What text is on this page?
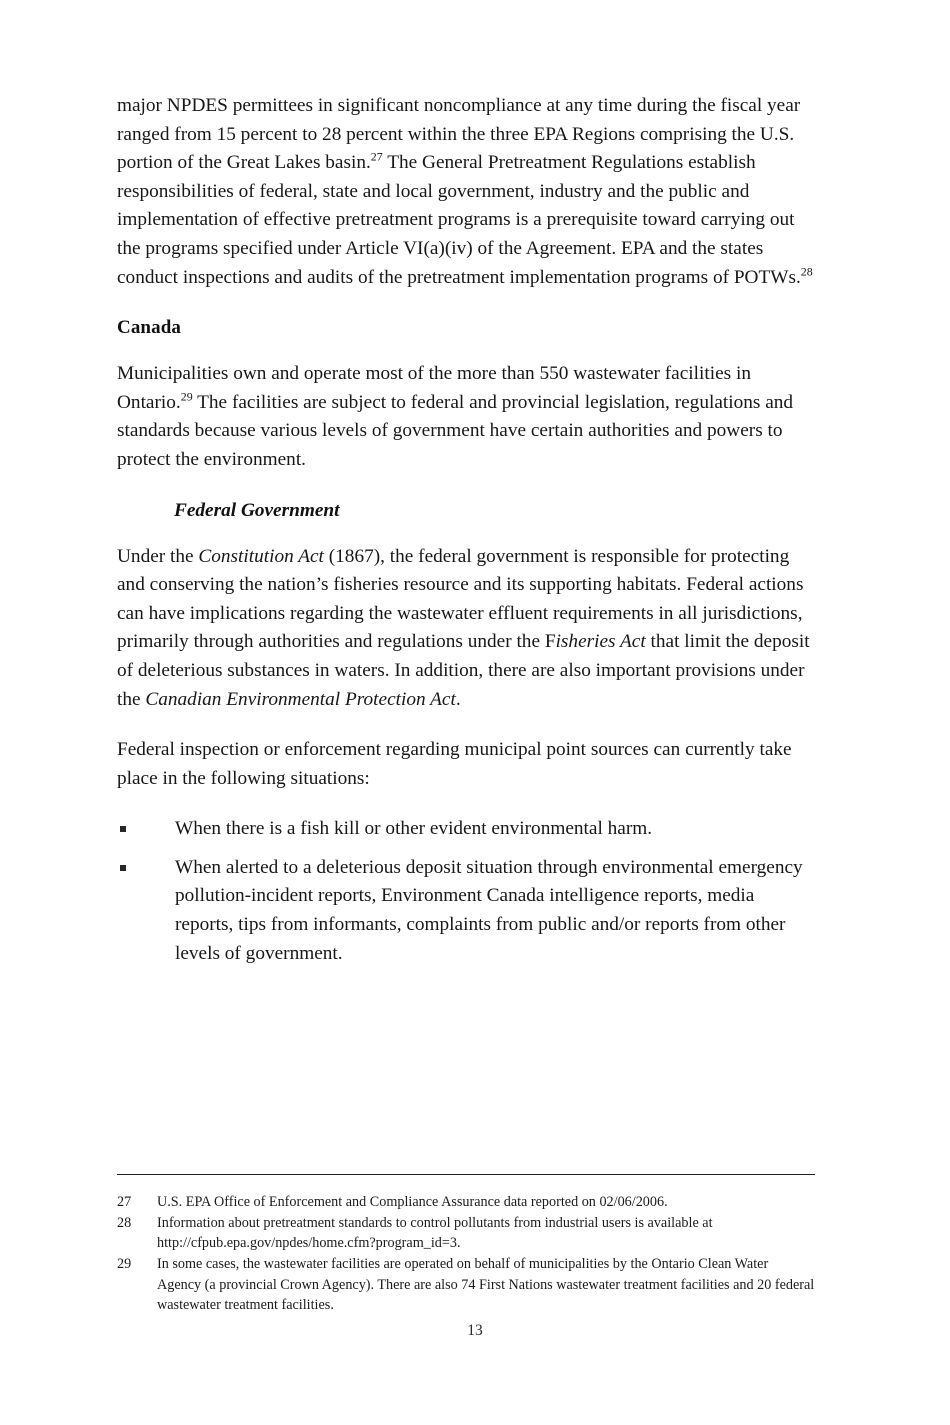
major NPDES permittees in significant noncompliance at any time during the fiscal year ranged from 15 percent to 28 percent within the three EPA Regions comprising the U.S. portion of the Great Lakes basin.$^{27}$ The General Pretreatment Regulations establish responsibilities of federal, state and local government, industry and the public and implementation of effective pretreatment programs is a prerequisite toward carrying out the programs specified under Article VI(a)(iv) of the Agreement. EPA and the states conduct inspections and audits of the pretreatment implementation programs of POTWs.$^{28}$

Canada

Municipalities own and operate most of the more than 550 wastewater facilities in Ontario.$^{29}$ The facilities are subject to federal and provincial legislation, regulations and standards because various levels of government have certain authorities and powers to protect the environment.

Federal Government

Under the Constitution Act (1867), the federal government is responsible for protecting and conserving the nation’s fisheries resource and its supporting habitats. Federal actions can have implications regarding the wastewater effluent requirements in all jurisdictions, primarily through authorities and regulations under the Fisheries Act that limit the deposit of deleterious substances in waters. In addition, there are also important provisions under the Canadian Environmental Protection Act.

Federal inspection or enforcement regarding municipal point sources can currently take place in the following situations:

When there is a fish kill or other evident environmental harm.
When alerted to a deleterious deposit situation through environmental emergency pollution-incident reports, Environment Canada intelligence reports, media reports, tips from informants, complaints from public and/or reports from other levels of government.
27	U.S. EPA Office of Enforcement and Compliance Assurance data reported on 02/06/2006.
28	Information about pretreatment standards to control pollutants from industrial users is available at http://cfpub.epa.gov/npdes/home.cfm?program_id=3.
29	In some cases, the wastewater facilities are operated on behalf of municipalities by the Ontario Clean Water Agency (a provincial Crown Agency). There are also 74 First Nations wastewater treatment facilities and 20 federal wastewater treatment facilities.
13
